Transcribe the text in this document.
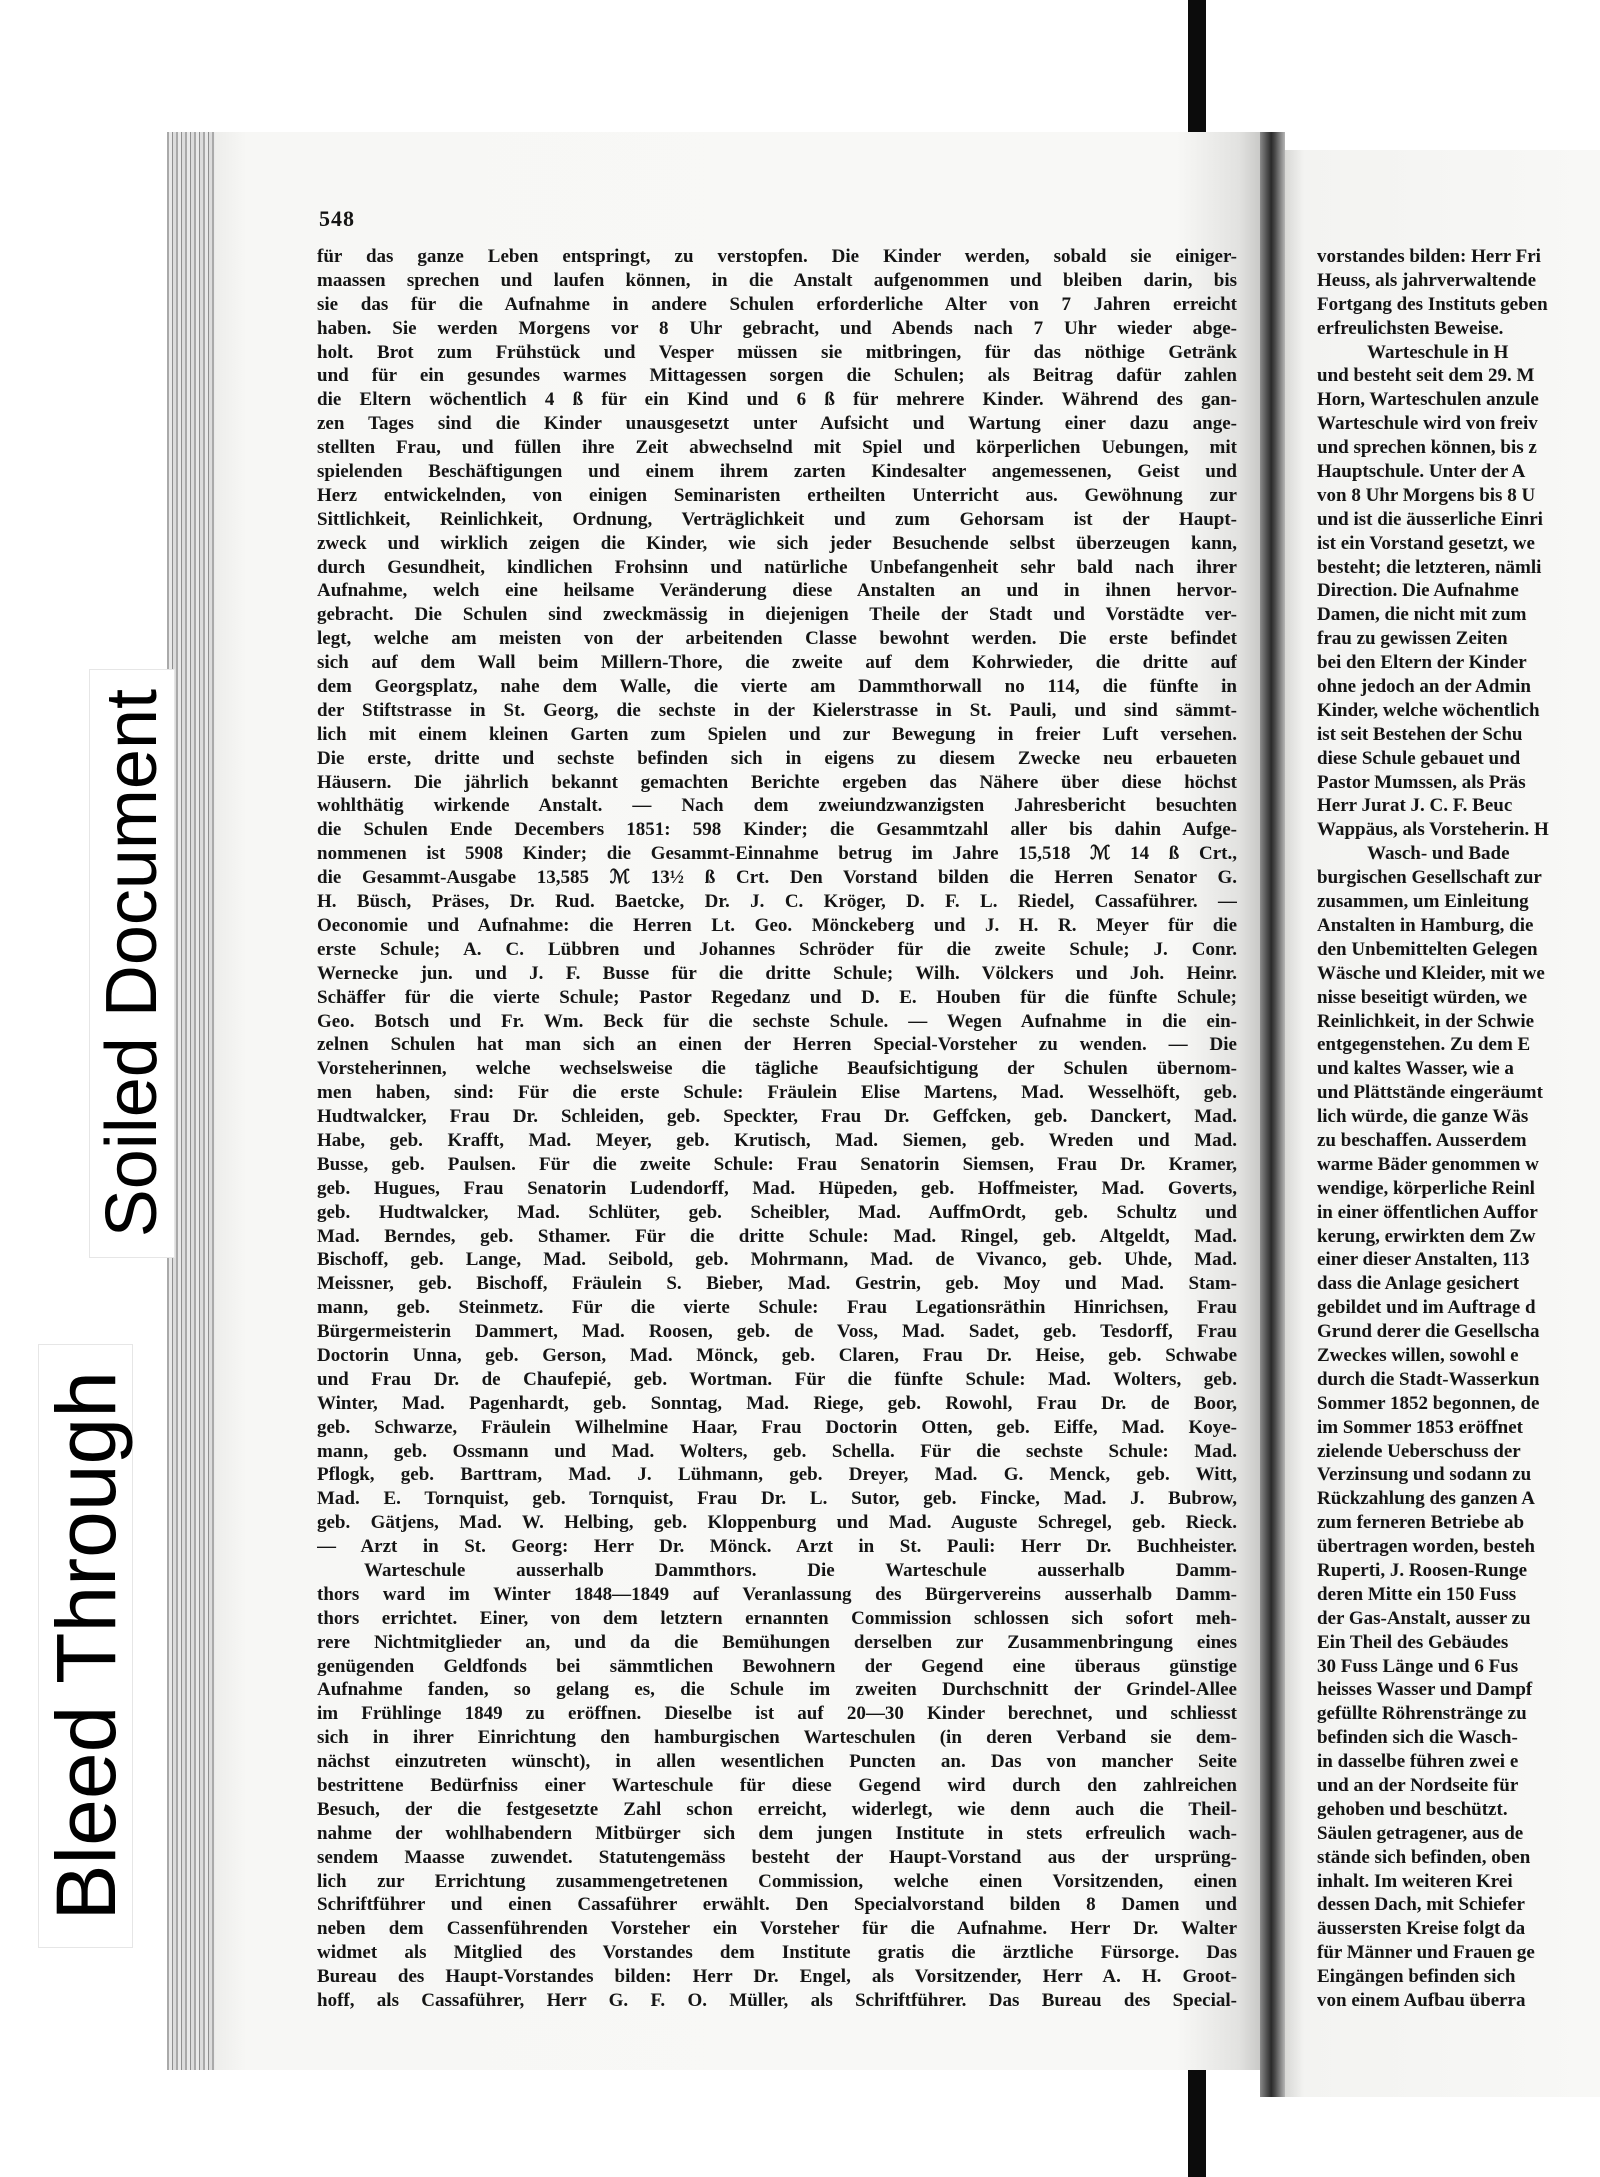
548
für das ganze Leben entspringt, zu verstopfen. Die Kinder werden, sobald sie einiger-
maassen sprechen und laufen können, in die Anstalt aufgenommen und bleiben darin, bis
sie das für die Aufnahme in andere Schulen erforderliche Alter von 7 Jahren erreicht
haben. Sie werden Morgens vor 8 Uhr gebracht, und Abends nach 7 Uhr wieder abge-
holt. Brot zum Frühstück und Vesper müssen sie mitbringen, für das nöthige Getränk
und für ein gesundes warmes Mittagessen sorgen die Schulen; als Beitrag dafür zahlen
die Eltern wöchentlich 4 ß für ein Kind und 6 ß für mehrere Kinder. Während des gan-
zen Tages sind die Kinder unausgesetzt unter Aufsicht und Wartung einer dazu ange-
stellten Frau, und füllen ihre Zeit abwechselnd mit Spiel und körperlichen Uebungen, mit
spielenden Beschäftigungen und einem ihrem zarten Kindesalter angemessenen, Geist und
Herz entwickelnden, von einigen Seminaristen ertheilten Unterricht aus. Gewöhnung zur
Sittlichkeit, Reinlichkeit, Ordnung, Verträglichkeit und zum Gehorsam ist der Haupt-
zweck und wirklich zeigen die Kinder, wie sich jeder Besuchende selbst überzeugen kann,
durch Gesundheit, kindlichen Frohsinn und natürliche Unbefangenheit sehr bald nach ihrer
Aufnahme, welch eine heilsame Veränderung diese Anstalten an und in ihnen hervor-
gebracht. Die Schulen sind zweckmässig in diejenigen Theile der Stadt und Vorstädte ver-
legt, welche am meisten von der arbeitenden Classe bewohnt werden. Die erste befindet
sich auf dem Wall beim Millern-Thore, die zweite auf dem Kohrwieder, die dritte auf
dem Georgsplatz, nahe dem Walle, die vierte am Dammthorwall no 114, die fünfte in
der Stiftstrasse in St. Georg, die sechste in der Kielerstrasse in St. Pauli, und sind sämmt-
lich mit einem kleinen Garten zum Spielen und zur Bewegung in freier Luft versehen.
Die erste, dritte und sechste befinden sich in eigens zu diesem Zwecke neu erbaueten
Häusern. Die jährlich bekannt gemachten Berichte ergeben das Nähere über diese höchst
wohlthätig wirkende Anstalt. — Nach dem zweiundzwanzigsten Jahresbericht besuchten
die Schulen Ende Decembers 1851: 598 Kinder; die Gesammtzahl aller bis dahin Aufge-
nommenen ist 5908 Kinder; die Gesammt-Einnahme betrug im Jahre 15,518 ℳ 14 ß Crt.,
die Gesammt-Ausgabe 13,585 ℳ 13½ ß Crt. Den Vorstand bilden die Herren Senator G.
H. Büsch, Präses, Dr. Rud. Baetcke, Dr. J. C. Kröger, D. F. L. Riedel, Cassaführer. —
Oeconomie und Aufnahme: die Herren Lt. Geo. Mönckeberg und J. H. R. Meyer für die
erste Schule; A. C. Lübbren und Johannes Schröder für die zweite Schule; J. Conr.
Wernecke jun. und J. F. Busse für die dritte Schule; Wilh. Völckers und Joh. Heinr.
Schäffer für die vierte Schule; Pastor Regedanz und D. E. Houben für die fünfte Schule;
Geo. Botsch und Fr. Wm. Beck für die sechste Schule. — Wegen Aufnahme in die ein-
zelnen Schulen hat man sich an einen der Herren Special-Vorsteher zu wenden. — Die
Vorsteherinnen, welche wechselsweise die tägliche Beaufsichtigung der Schulen übernom-
men haben, sind: Für die erste Schule: Fräulein Elise Martens, Mad. Wesselhöft, geb.
Hudtwalcker, Frau Dr. Schleiden, geb. Speckter, Frau Dr. Geffcken, geb. Danckert, Mad.
Habe, geb. Krafft, Mad. Meyer, geb. Krutisch, Mad. Siemen, geb. Wreden und Mad.
Busse, geb. Paulsen. Für die zweite Schule: Frau Senatorin Siemsen, Frau Dr. Kramer,
geb. Hugues, Frau Senatorin Ludendorff, Mad. Hüpeden, geb. Hoffmeister, Mad. Goverts,
geb. Hudtwalcker, Mad. Schlüter, geb. Scheibler, Mad. AuffmOrdt, geb. Schultz und
Mad. Berndes, geb. Sthamer. Für die dritte Schule: Mad. Ringel, geb. Altgeldt, Mad.
Bischoff, geb. Lange, Mad. Seibold, geb. Mohrmann, Mad. de Vivanco, geb. Uhde, Mad.
Meissner, geb. Bischoff, Fräulein S. Bieber, Mad. Gestrin, geb. Moy und Mad. Stam-
mann, geb. Steinmetz. Für die vierte Schule: Frau Legationsräthin Hinrichsen, Frau
Bürgermeisterin Dammert, Mad. Roosen, geb. de Voss, Mad. Sadet, geb. Tesdorff, Frau
Doctorin Unna, geb. Gerson, Mad. Mönck, geb. Claren, Frau Dr. Heise, geb. Schwabe
und Frau Dr. de Chaufepié, geb. Wortman. Für die fünfte Schule: Mad. Wolters, geb.
Winter, Mad. Pagenhardt, geb. Sonntag, Mad. Riege, geb. Rowohl, Frau Dr. de Boor,
geb. Schwarze, Fräulein Wilhelmine Haar, Frau Doctorin Otten, geb. Eiffe, Mad. Koye-
mann, geb. Ossmann und Mad. Wolters, geb. Schella. Für die sechste Schule: Mad.
Pflogk, geb. Barttram, Mad. J. Lühmann, geb. Dreyer, Mad. G. Menck, geb. Witt,
Mad. E. Tornquist, geb. Tornquist, Frau Dr. L. Sutor, geb. Fincke, Mad. J. Bubrow,
geb. Gätjens, Mad. W. Helbing, geb. Kloppenburg und Mad. Auguste Schregel, geb. Rieck.
— Arzt in St. Georg: Herr Dr. Mönck. Arzt in St. Pauli: Herr Dr. Buchheister.
Warteschule ausserhalb Dammthors. Die Warteschule ausserhalb Damm-
thors ward im Winter 1848—1849 auf Veranlassung des Bürgervereins ausserhalb Damm-
thors errichtet. Einer, von dem letztern ernannten Commission schlossen sich sofort meh-
rere Nichtmitglieder an, und da die Bemühungen derselben zur Zusammenbringung eines
genügenden Geldfonds bei sämmtlichen Bewohnern der Gegend eine überaus günstige
Aufnahme fanden, so gelang es, die Schule im zweiten Durchschnitt der Grindel-Allee
im Frühlinge 1849 zu eröffnen. Dieselbe ist auf 20—30 Kinder berechnet, und schliesst
sich in ihrer Einrichtung den hamburgischen Warteschulen (in deren Verband sie dem-
nächst einzutreten wünscht), in allen wesentlichen Puncten an. Das von mancher Seite
bestrittene Bedürfniss einer Warteschule für diese Gegend wird durch den zahlreichen
Besuch, der die festgesetzte Zahl schon erreicht, widerlegt, wie denn auch die Theil-
nahme der wohlhabendern Mitbürger sich dem jungen Institute in stets erfreulich wach-
sendem Maasse zuwendet. Statutengemäss besteht der Haupt-Vorstand aus der ursprüng-
lich zur Errichtung zusammengetretenen Commission, welche einen Vorsitzenden, einen
Schriftführer und einen Cassaführer erwählt. Den Specialvorstand bilden 8 Damen und
neben dem Cassenführenden Vorsteher ein Vorsteher für die Aufnahme. Herr Dr. Walter
widmet als Mitglied des Vorstandes dem Institute gratis die ärztliche Fürsorge. Das
Bureau des Haupt-Vorstandes bilden: Herr Dr. Engel, als Vorsitzender, Herr A. H. Groot-
hoff, als Cassaführer, Herr G. F. O. Müller, als Schriftführer. Das Bureau des Special-
vorstandes bilden: Herr Fri
Heuss, als jahrverwaltende
Fortgang des Instituts geben
erfreulichsten Beweise.
Warteschule in H
und besteht seit dem 29. M
Horn, Warteschulen anzule
Warteschule wird von freiv
und sprechen können, bis z
Hauptschule. Unter der A
von 8 Uhr Morgens bis 8 U
und ist die äusserliche Einri
ist ein Vorstand gesetzt, we
besteht; die letzteren, nämli
Direction. Die Aufnahme
Damen, die nicht mit zum
frau zu gewissen Zeiten
bei den Eltern der Kinder
ohne jedoch an der Admin
Kinder, welche wöchentlich
ist seit Bestehen der Schu
diese Schule gebauet und
Pastor Mumssen, als Präs
Herr Jurat J. C. F. Beuc
Wappäus, als Vorsteherin. H
Wasch- und Bade
burgischen Gesellschaft zur
zusammen, um Einleitung
Anstalten in Hamburg, die
den Unbemittelten Gelegen
Wäsche und Kleider, mit we
nisse beseitigt würden, we
Reinlichkeit, in der Schwie
entgegenstehen. Zu dem E
und kaltes Wasser, wie a
und Plättstände eingeräumt
lich würde, die ganze Wäs
zu beschaffen. Ausserdem
warme Bäder genommen w
wendige, körperliche Reinl
in einer öffentlichen Auffor
kerung, erwirkten dem Zw
einer dieser Anstalten, 113
dass die Anlage gesichert
gebildet und im Auftrage d
Grund derer die Gesellscha
Zweckes willen, sowohl e
durch die Stadt-Wasserkun
Sommer 1852 begonnen, de
im Sommer 1853 eröffnet
zielende Ueberschuss der
Verzinsung und sodann zu
Rückzahlung des ganzen A
zum ferneren Betriebe ab
übertragen worden, besteh
Ruperti, J. Roosen-Runge
deren Mitte ein 150 Fuss
der Gas-Anstalt, ausser zu
Ein Theil des Gebäudes
30 Fuss Länge und 6 Fus
heisses Wasser und Dampf
gefüllte Röhrenstränge zu
befinden sich die Wasch-
in dasselbe führen zwei e
und an der Nordseite für
gehoben und beschützt.
Säulen getragener, aus de
stände sich befinden, oben
inhalt. Im weiteren Krei
dessen Dach, mit Schiefer
äussersten Kreise folgt da
für Männer und Frauen ge
Eingängen befinden sich
von einem Aufbau überra
Soiled Document
Bleed Through
